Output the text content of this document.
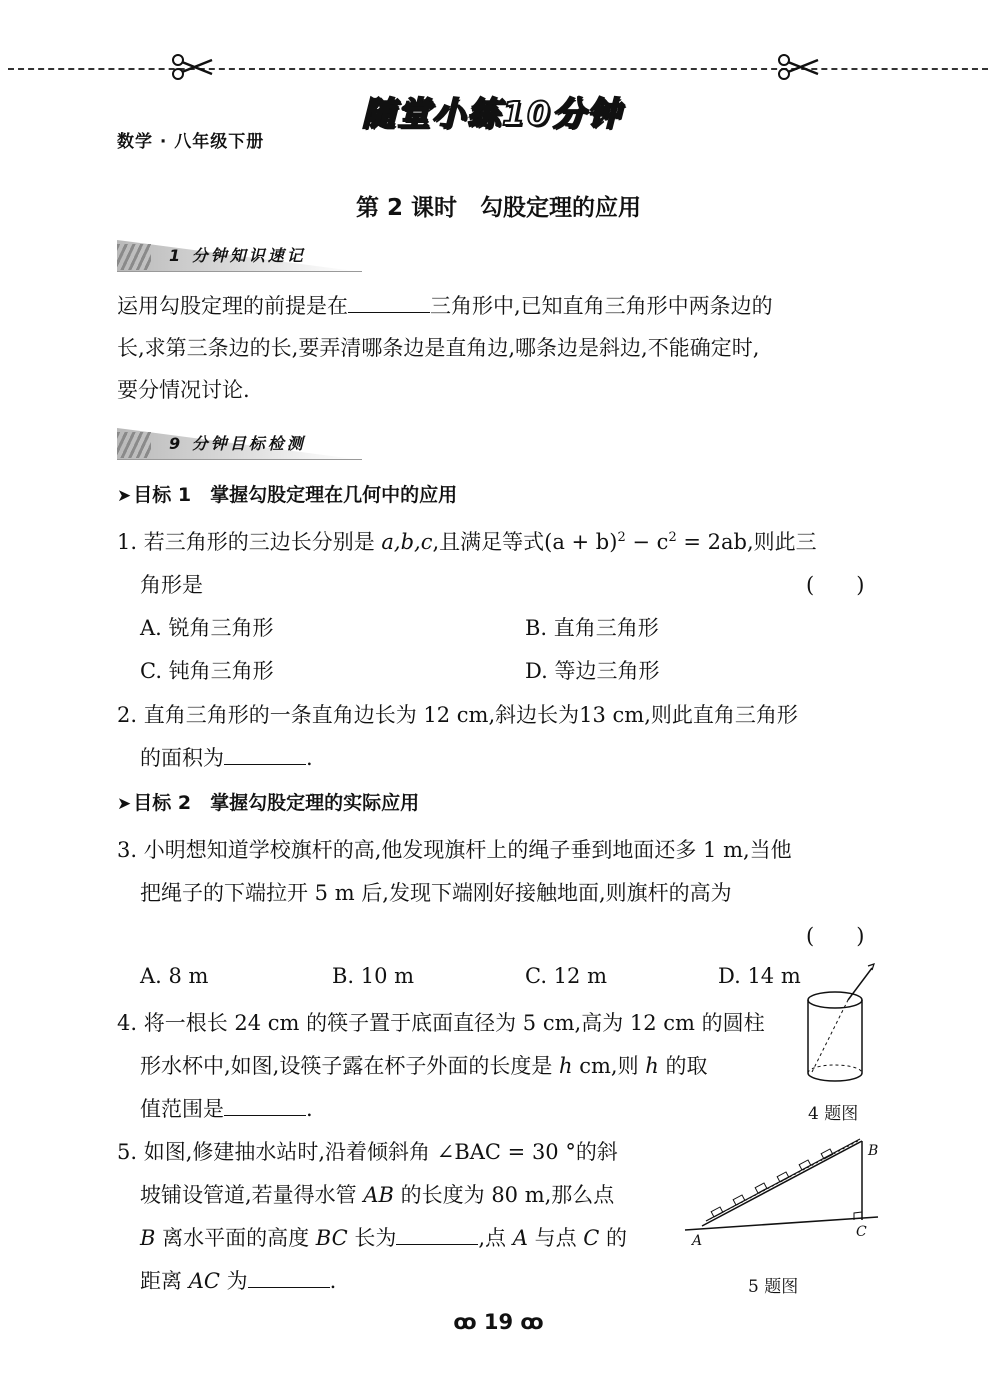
数学 · 八年级下册
随堂小练10分钟
第 2 课时　勾股定理的应用
1 分钟知识速记
运用勾股定理的前提是在	三角形中,已知直角三角形中两条边的
长,求第三条边的长,要弄清哪条边是直角边,哪条边是斜边,不能确定时,
要分情况讨论.
9 分钟目标检测
➤ 目标 1　掌握勾股定理在几何中的应用
1. 若三角形的三边长分别是 a,b,c,且满足等式$(a + b)^2 - c^2 = 2ab$,则此三
角形是	(　　)
A. 锐角三角形	B. 直角三角形
C. 钝角三角形	D. 等边三角形
2. 直角三角形的一条直角边长为 12 cm,斜边长为13 cm,则此直角三角形
的面积为	.
➤ 目标 2　掌握勾股定理的实际应用
3. 小明想知道学校旗杆的高,他发现旗杆上的绳子垂到地面还多 1 m,当他
把绳子的下端拉开 5 m 后,发现下端刚好接触地面,则旗杆的高为
(　　)
A. 8 m	B. 10 m	C. 12 m	D. 14 m
4. 将一根长 24 cm 的筷子置于底面直径为 5 cm,高为 12 cm 的圆柱
形水杯中,如图,设筷子露在杯子外面的长度是 h cm,则 h 的取
值范围是	.	4 题图
5. 如图,修建抽水站时,沿着倾斜角 ∠BAC = 30 °的斜
坡铺设管道,若量得水管 AB 的长度为 80 m,那么点
B 离水平面的高度 BC 长为	,点 A 与点 C 的
距离 AC 为	.
A
B
C
5 题图
ꝏ 19 ꝏ
